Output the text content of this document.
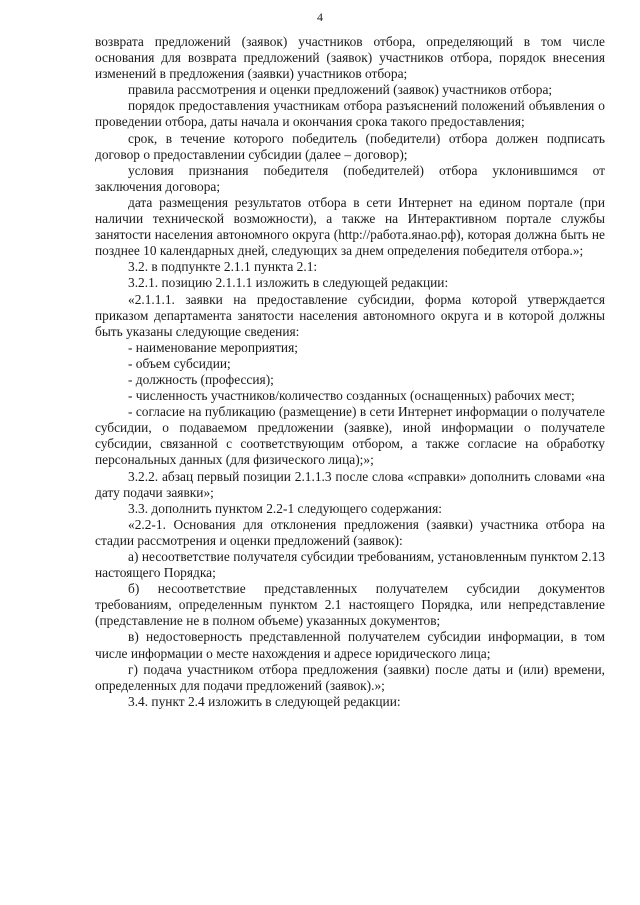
4

возврата предложений (заявок) участников отбора, определяющий в том числе основания для возврата предложений (заявок) участников отбора, порядок внесения изменений в предложения (заявки) участников отбора;

правила рассмотрения и оценки предложений (заявок) участников отбора;

порядок предоставления участникам отбора разъяснений положений объявления о проведении отбора, даты начала и окончания срока такого предоставления;

срок, в течение которого победитель (победители) отбора должен подписать договор о предоставлении субсидии (далее – договор);

условия признания победителя (победителей) отбора уклонившимся от заключения договора;

дата размещения результатов отбора в сети Интернет на едином портале (при наличии технической возможности), а также на Интерактивном портале службы занятости населения автономного округа (http://работа.янао.рф), которая должна быть не позднее 10 календарных дней, следующих за днем определения победителя отбора.»;

3.2. в подпункте 2.1.1 пункта 2.1:

3.2.1. позицию 2.1.1.1 изложить в следующей редакции:

«2.1.1.1. заявки на предоставление субсидии, форма которой утверждается приказом департамента занятости населения автономного округа и в которой должны быть указаны следующие сведения:

- наименование мероприятия;

- объем субсидии;

- должность (профессия);

- численность участников/количество созданных (оснащенных) рабочих мест;

- согласие на публикацию (размещение) в сети Интернет информации о получателе субсидии, о подаваемом предложении (заявке), иной информации о получателе субсидии, связанной с соответствующим отбором, а также согласие на обработку персональных данных (для физического лица);»;

3.2.2. абзац первый позиции 2.1.1.3 после слова «справки» дополнить словами «на дату подачи заявки»;

3.3. дополнить пунктом 2.2-1 следующего содержания:

«2.2-1. Основания для отклонения предложения (заявки) участника отбора на стадии рассмотрения и оценки предложений (заявок):

а) несоответствие получателя субсидии требованиям, установленным пунктом 2.13 настоящего Порядка;

б) несоответствие представленных получателем субсидии документов требованиям, определенным пунктом 2.1 настоящего Порядка, или непредставление (представление не в полном объеме) указанных документов;

в) недостоверность представленной получателем субсидии информации, в том числе информации о месте нахождения и адресе юридического лица;

г) подача участником отбора предложения (заявки) после даты и (или) времени, определенных для подачи предложений (заявок).»;

3.4. пункт 2.4 изложить в следующей редакции:
